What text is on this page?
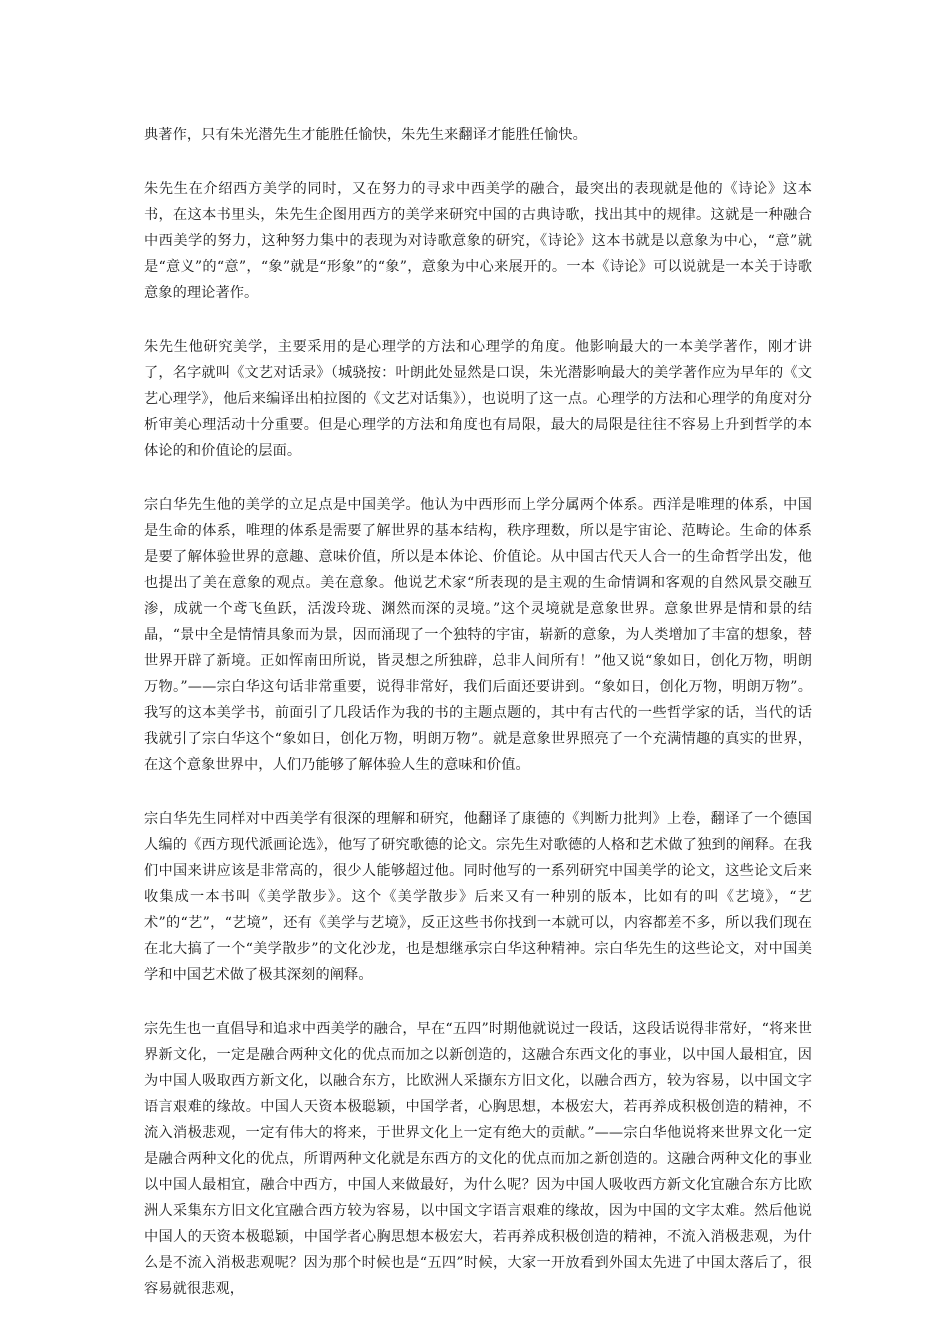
典著作，只有朱光潜先生才能胜任愉快，朱先生来翻译才能胜任愉快。

朱先生在介绍西方美学的同时，又在努力的寻求中西美学的融合，最突出的表现就是他的《诗论》这本书，在这本书里头，朱先生企图用西方的美学来研究中国的古典诗歌，找出其中的规律。这就是一种融合中西美学的努力，这种努力集中的表现为对诗歌意象的研究，《诗论》这本书就是以意象为中心，“意”就是“意义”的“意”，“象”就是“形象”的“象”，意象为中心来展开的。一本《诗论》可以说就是一本关于诗歌意象的理论著作。

朱先生他研究美学，主要采用的是心理学的方法和心理学的角度。他影响最大的一本美学著作，刚才讲了，名字就叫《文艺对话录》（城骁按：叶朗此处显然是口误，朱光潜影响最大的美学著作应为早年的《文艺心理学》，他后来编译出柏拉图的《文艺对话集》），也说明了这一点。心理学的方法和心理学的角度对分析审美心理活动十分重要。但是心理学的方法和角度也有局限，最大的局限是往往不容易上升到哲学的本体论的和价值论的层面。

宗白华先生他的美学的立足点是中国美学。他认为中西形而上学分属两个体系。西洋是唯理的体系，中国是生命的体系，唯理的体系是需要了解世界的基本结构，秩序理数，所以是宇宙论、范畴论。生命的体系是要了解体验世界的意趣、意味价值，所以是本体论、价值论。从中国古代天人合一的生命哲学出发，他也提出了美在意象的观点。美在意象。他说艺术家“所表现的是主观的生命情调和客观的自然风景交融互渗，成就一个鸢飞鱼跃，活泼玲珑、渊然而深的灵境。”这个灵境就是意象世界。意象世界是情和景的结晶，“景中全是情情具象而为景，因而涌现了一个独特的宇宙，崭新的意象，为人类增加了丰富的想象，替世界开辟了新境。正如恽南田所说，皆灵想之所独辟，总非人间所有！”他又说“象如日，创化万物，明朗万物。”——宗白华这句话非常重要，说得非常好，我们后面还要讲到。“象如日，创化万物，明朗万物”。我写的这本美学书，前面引了几段话作为我的书的主题点题的，其中有古代的一些哲学家的话，当代的话我就引了宗白华这个“象如日，创化万物，明朗万物”。就是意象世界照亮了一个充满情趣的真实的世界，在这个意象世界中，人们乃能够了解体验人生的意味和价值。

宗白华先生同样对中西美学有很深的理解和研究，他翻译了康德的《判断力批判》上卷，翻译了一个德国人编的《西方现代派画论选》，他写了研究歌德的论文。宗先生对歌德的人格和艺术做了独到的阐释。在我们中国来讲应该是非常高的，很少人能够超过他。同时他写的一系列研究中国美学的论文，这些论文后来收集成一本书叫《美学散步》。这个《美学散步》后来又有一种别的版本，比如有的叫《艺境》，“艺术”的“艺”，“艺境”，还有《美学与艺境》，反正这些书你找到一本就可以，内容都差不多，所以我们现在在北大搞了一个“美学散步”的文化沙龙，也是想继承宗白华这种精神。宗白华先生的这些论文，对中国美学和中国艺术做了极其深刻的阐释。

宗先生也一直倡导和追求中西美学的融合，早在“五四”时期他就说过一段话，这段话说得非常好，“将来世界新文化，一定是融合两种文化的优点而加之以新创造的，这融合东西文化的事业，以中国人最相宜，因为中国人吸取西方新文化，以融合东方，比欧洲人采撷东方旧文化，以融合西方，较为容易，以中国文字语言艰难的缘故。中国人天资本极聪颖，中国学者，心胸思想，本极宏大，若再养成积极创造的精神，不流入消极悲观，一定有伟大的将来，于世界文化上一定有绝大的贡献。”——宗白华他说将来世界文化一定是融合两种文化的优点，所谓两种文化就是东西方的文化的优点而加之新创造的。这融合两种文化的事业以中国人最相宜，融合中西方，中国人来做最好，为什么呢？因为中国人吸收西方新文化宜融合东方比欧洲人采集东方旧文化宜融合西方较为容易，以中国文字语言艰难的缘故，因为中国的文字太难。然后他说中国人的天资本极聪颖，中国学者心胸思想本极宏大，若再养成积极创造的精神，不流入消极悲观，为什么是不流入消极悲观呢？因为那个时候也是“五四”时候，大家一开放看到外国太先进了中国太落后了，很容易就很悲观，
